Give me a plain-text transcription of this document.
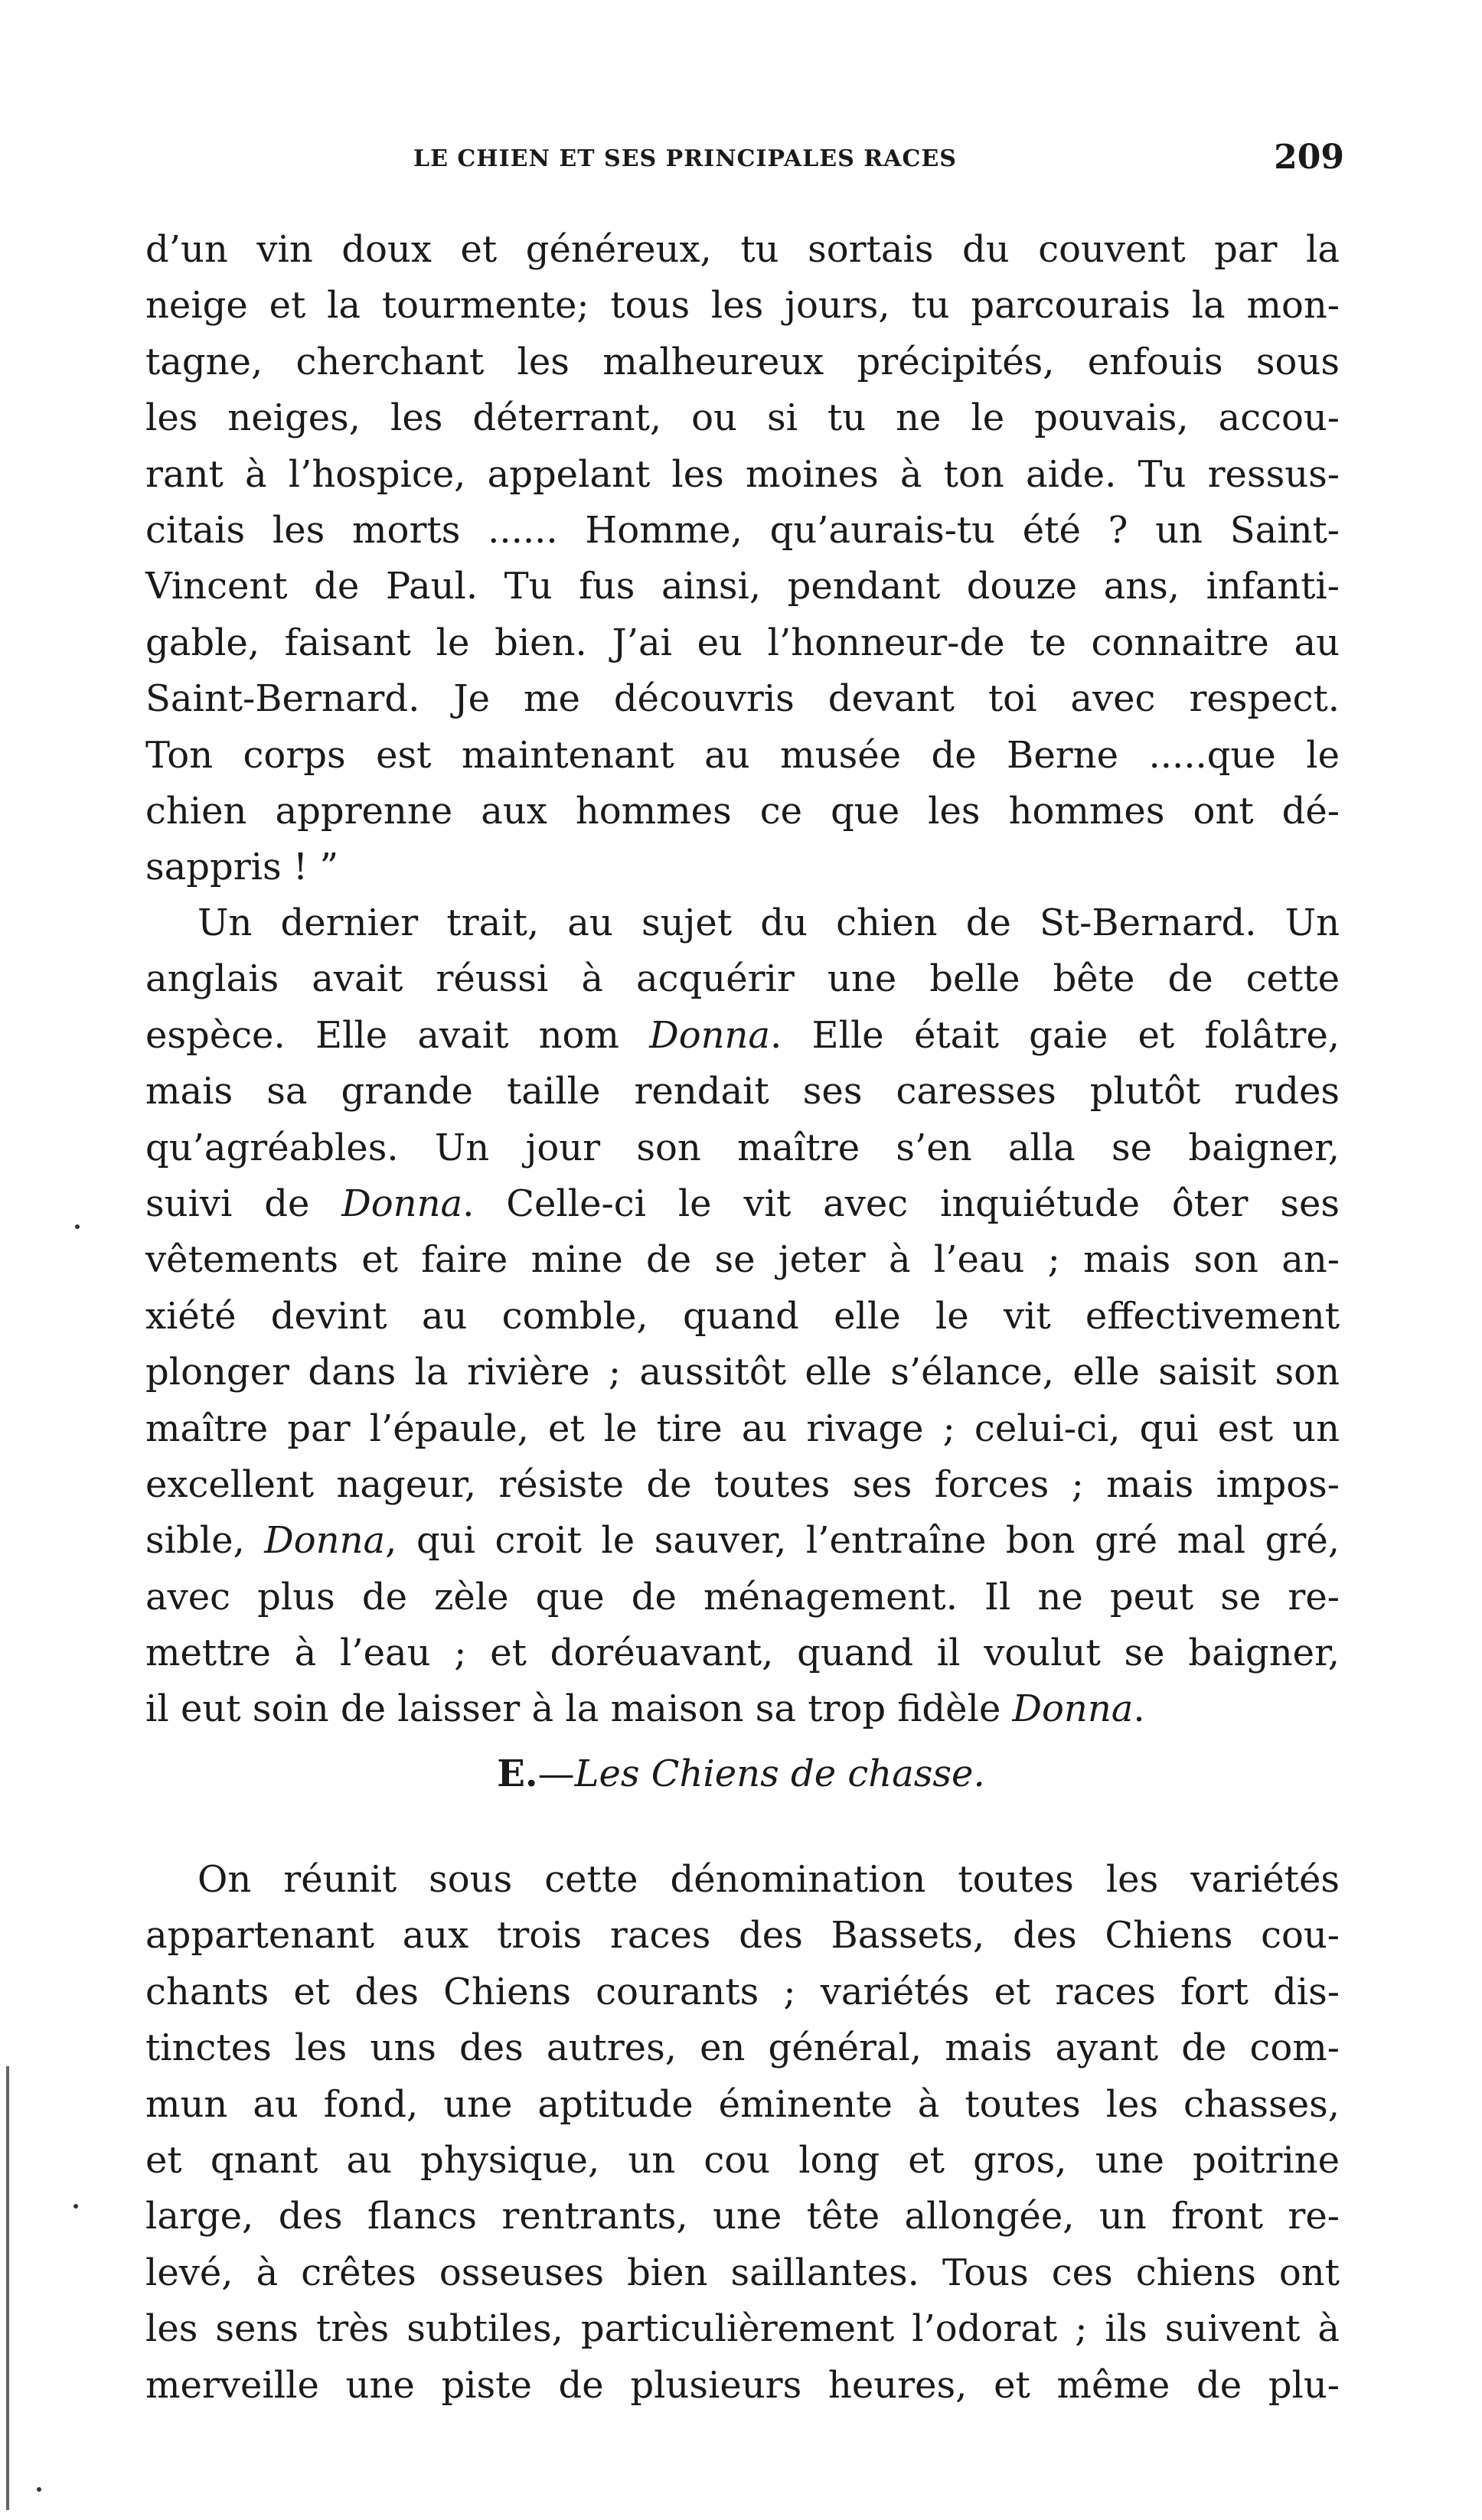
LE CHIEN ET SES PRINCIPALES RACES	209
d’un vin doux et généreux, tu sortais du couvent par la
neige et la tourmente; tous les jours, tu parcourais la mon-
tagne, cherchant les malheureux précipités, enfouis sous
les neiges, les déterrant, ou si tu ne le pouvais, accou-
rant à l’hospice, appelant les moines à ton aide. Tu ressus-
citais les morts ...... Homme, qu’aurais-tu été ? un Saint-
Vincent de Paul. Tu fus ainsi, pendant douze ans, infanti-
gable, faisant le bien. J’ai eu l’honneur-de te connaitre au
Saint-Bernard. Je me découvris devant toi avec respect.
Ton corps est maintenant au musée de Berne .....que le
chien apprenne aux hommes ce que les hommes ont dé-
sappris ! ”
Un dernier trait, au sujet du chien de St-Bernard. Un
anglais avait réussi à acquérir une belle bête de cette
espèce. Elle avait nom Donna. Elle était gaie et folâtre,
mais sa grande taille rendait ses caresses plutôt rudes
qu’agréables. Un jour son maître s’en alla se baigner,
suivi de Donna. Celle-ci le vit avec inquiétude ôter ses
vêtements et faire mine de se jeter à l’eau ; mais son an-
xiété devint au comble, quand elle le vit effectivement
plonger dans la rivière ; aussitôt elle s’élance, elle saisit son
maître par l’épaule, et le tire au rivage ; celui-ci, qui est un
excellent nageur, résiste de toutes ses forces ; mais impos-
sible, Donna, qui croit le sauver, l’entraîne bon gré mal gré,
avec plus de zèle que de ménagement. Il ne peut se re-
mettre à l’eau ; et doréuavant, quand il voulut se baigner,
il eut soin de laisser à la maison sa trop fidèle Donna.
E.—Les Chiens de chasse.
On réunit sous cette dénomination toutes les variétés
appartenant aux trois races des Bassets, des Chiens cou-
chants et des Chiens courants ; variétés et races fort dis-
tinctes les uns des autres, en général, mais ayant de com-
mun au fond, une aptitude éminente à toutes les chasses,
et qnant au physique, un cou long et gros, une poitrine
large, des flancs rentrants, une tête allongée, un front re-
levé, à crêtes osseuses bien saillantes. Tous ces chiens ont
les sens très subtiles, particulièrement l’odorat ; ils suivent à
merveille une piste de plusieurs heures, et même de plu-
